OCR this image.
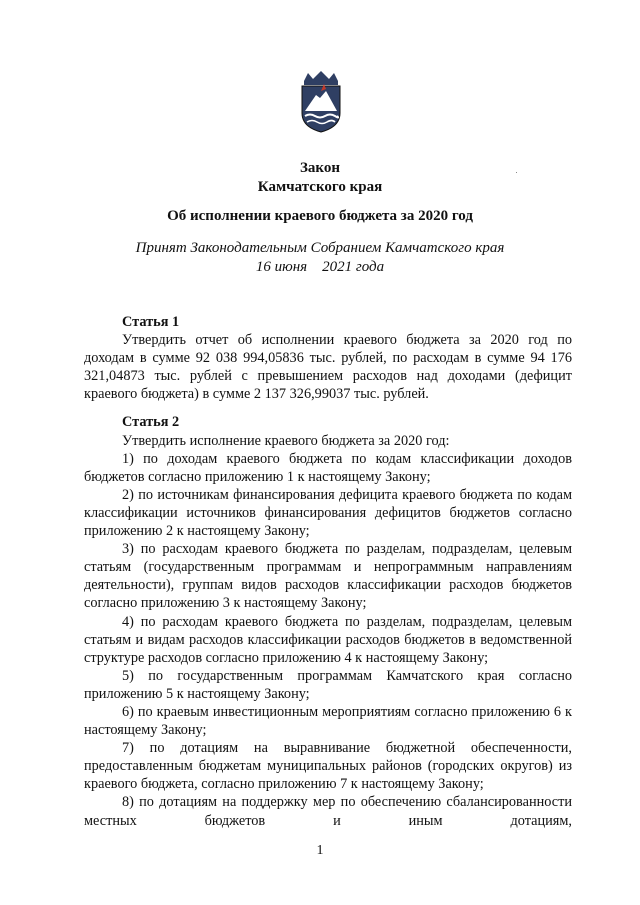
Закон
Камчатского края
Об исполнении краевого бюджета за 2020 год
Принят Законодательным Собранием Камчатского края
16 июня    2021 года

Статья 1

Утвердить отчет об исполнении краевого бюджета за 2020 год по доходам в сумме 92 038 994,05836 тыс. рублей, по расходам в сумме 94 176 321,04873 тыс. рублей с превышением расходов над доходами (дефицит краевого бюджета) в сумме 2 137 326,99037 тыс. рублей.

Статья 2

Утвердить исполнение краевого бюджета за 2020 год:

1) по доходам краевого бюджета по кодам классификации доходов бюджетов согласно приложению 1 к настоящему Закону;

2) по источникам финансирования дефицита краевого бюджета по кодам классификации источников финансирования дефицитов бюджетов согласно приложению 2 к настоящему Закону;

3) по расходам краевого бюджета по разделам, подразделам, целевым статьям (государственным программам и непрограммным направлениям деятельности), группам видов расходов классификации расходов бюджетов согласно приложению 3 к настоящему Закону;

4) по расходам краевого бюджета по разделам, подразделам, целевым статьям и видам расходов классификации расходов бюджетов в ведомственной структуре расходов согласно приложению 4 к настоящему Закону;

5) по государственным программам Камчатского края согласно приложению 5 к настоящему Закону;

6) по краевым инвестиционным мероприятиям согласно приложению 6 к настоящему Закону;

7) по дотациям на выравнивание бюджетной обеспеченности, предоставленным бюджетам муниципальных районов (городских округов) из краевого бюджета, согласно приложению 7 к настоящему Закону;

8) по дотациям на поддержку мер по обеспечению сбалансированности местных бюджетов и иным дотациям,

1
